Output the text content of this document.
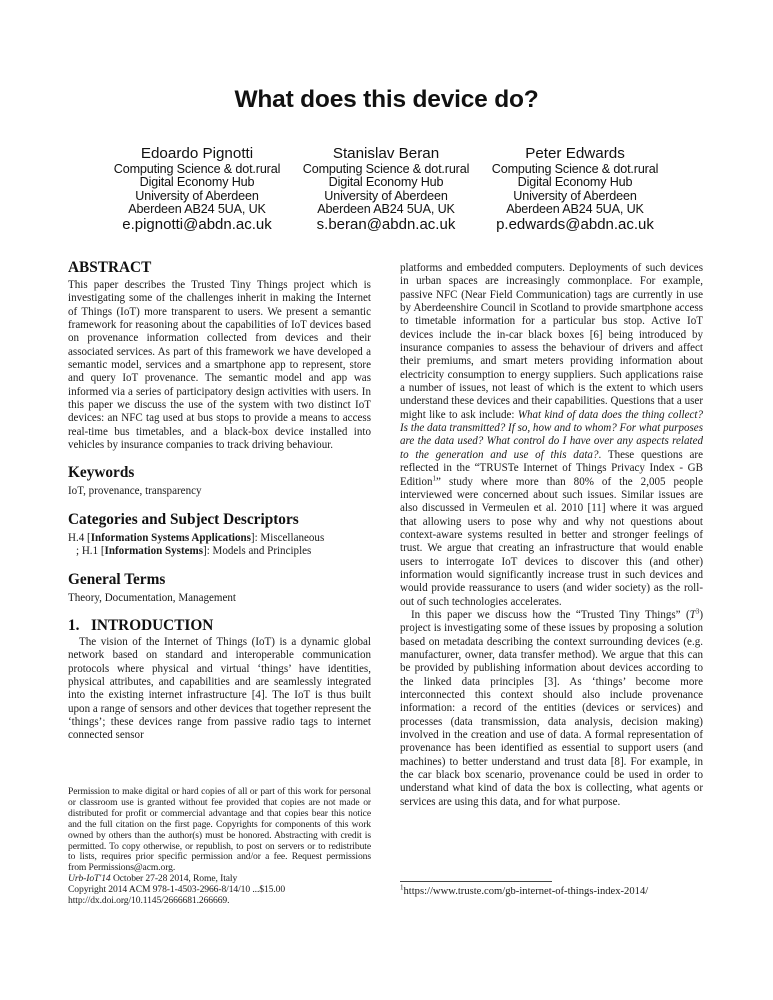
What does this device do?
Edoardo Pignotti
Computing Science & dot.rural
Digital Economy Hub
University of Aberdeen
Aberdeen AB24 5UA, UK
e.pignotti@abdn.ac.uk
Stanislav Beran
Computing Science & dot.rural
Digital Economy Hub
University of Aberdeen
Aberdeen AB24 5UA, UK
s.beran@abdn.ac.uk
Peter Edwards
Computing Science & dot.rural
Digital Economy Hub
University of Aberdeen
Aberdeen AB24 5UA, UK
p.edwards@abdn.ac.uk
ABSTRACT

This paper describes the Trusted Tiny Things project which is investigating some of the challenges inherit in making the Internet of Things (IoT) more transparent to users. We present a semantic framework for reasoning about the capabilities of IoT devices based on provenance information collected from devices and their associated services. As part of this framework we have developed a semantic model, services and a smartphone app to represent, store and query IoT provenance. The semantic model and app was informed via a series of participatory design activities with users. In this paper we discuss the use of the system with two distinct IoT devices: an NFC tag used at bus stops to provide a means to access real-time bus timetables, and a black-box device installed into vehicles by insurance companies to track driving behaviour.

Keywords

IoT, provenance, transparency

Categories and Subject Descriptors
H.4 [Information Systems Applications]: Miscellaneous
; H.1 [Information Systems]: Models and Principles
General Terms

Theory, Documentation, Management

1.   INTRODUCTION

The vision of the Internet of Things (IoT) is a dynamic global network based on standard and interoperable communication protocols where physical and virtual ‘things’ have identities, physical attributes, and capabilities and are seamlessly integrated into the existing internet infrastructure [4]. The IoT is thus built upon a range of sensors and other devices that together represent the ‘things’; these devices range from passive radio tags to internet connected sensor

Permission to make digital or hard copies of all or part of this work for personal or classroom use is granted without fee provided that copies are not made or distributed for profit or commercial advantage and that copies bear this notice and the full citation on the first page. Copyrights for components of this work owned by others than the author(s) must be honored. Abstracting with credit is permitted. To copy otherwise, or republish, to post on servers or to redistribute to lists, requires prior specific permission and/or a fee. Request permissions from Permissions@acm.org.

Urb-IoT'14 October 27-28 2014, Rome, Italy
Copyright 2014 ACM 978-1-4503-2966-8/14/10 ...$15.00
http://dx.doi.org/10.1145/2666681.266669.

platforms and embedded computers. Deployments of such devices in urban spaces are increasingly commonplace. For example, passive NFC (Near Field Communication) tags are currently in use by Aberdeenshire Council in Scotland to provide smartphone access to timetable information for a particular bus stop. Active IoT devices include the in-car black boxes [6] being introduced by insurance companies to assess the behaviour of drivers and affect their premiums, and smart meters providing information about electricity consumption to energy suppliers. Such applications raise a number of issues, not least of which is the extent to which users understand these devices and their capabilities. Questions that a user might like to ask include: What kind of data does the thing collect? Is the data transmitted? If so, how and to whom? For what purposes are the data used? What control do I have over any aspects related to the generation and use of this data?. These questions are reflected in the “TRUSTe Internet of Things Privacy Index - GB Edition$^1$” study where more than 80% of the 2,005 people interviewed were concerned about such issues. Similar issues are also discussed in Vermeulen et al. 2010 [11] where it was argued that allowing users to pose why and why not questions about context-aware systems resulted in better and stronger feelings of trust. We argue that creating an infrastructure that would enable users to interrogate IoT devices to discover this (and other) information would significantly increase trust in such devices and would provide reassurance to users (and wider society) as the roll-out of such technologies accelerates.

In this paper we discuss how the “Trusted Tiny Things” $(T^3)$ project is investigating some of these issues by proposing a solution based on metadata describing the context surrounding devices (e.g. manufacturer, owner, data transfer method). We argue that this can be provided by publishing information about devices according to the linked data principles [3]. As ‘things’ become more interconnected this context should also include provenance information: a record of the entities (devices or services) and processes (data transmission, data analysis, decision making) involved in the creation and use of data. A formal representation of provenance has been identified as essential to support users (and machines) to better understand and trust data [8]. For example, in the car black box scenario, provenance could be used in order to understand what kind of data the box is collecting, what agents or services are using this data, and for what purpose.

$^1$https://www.truste.com/gb-internet-of-things-index-2014/
